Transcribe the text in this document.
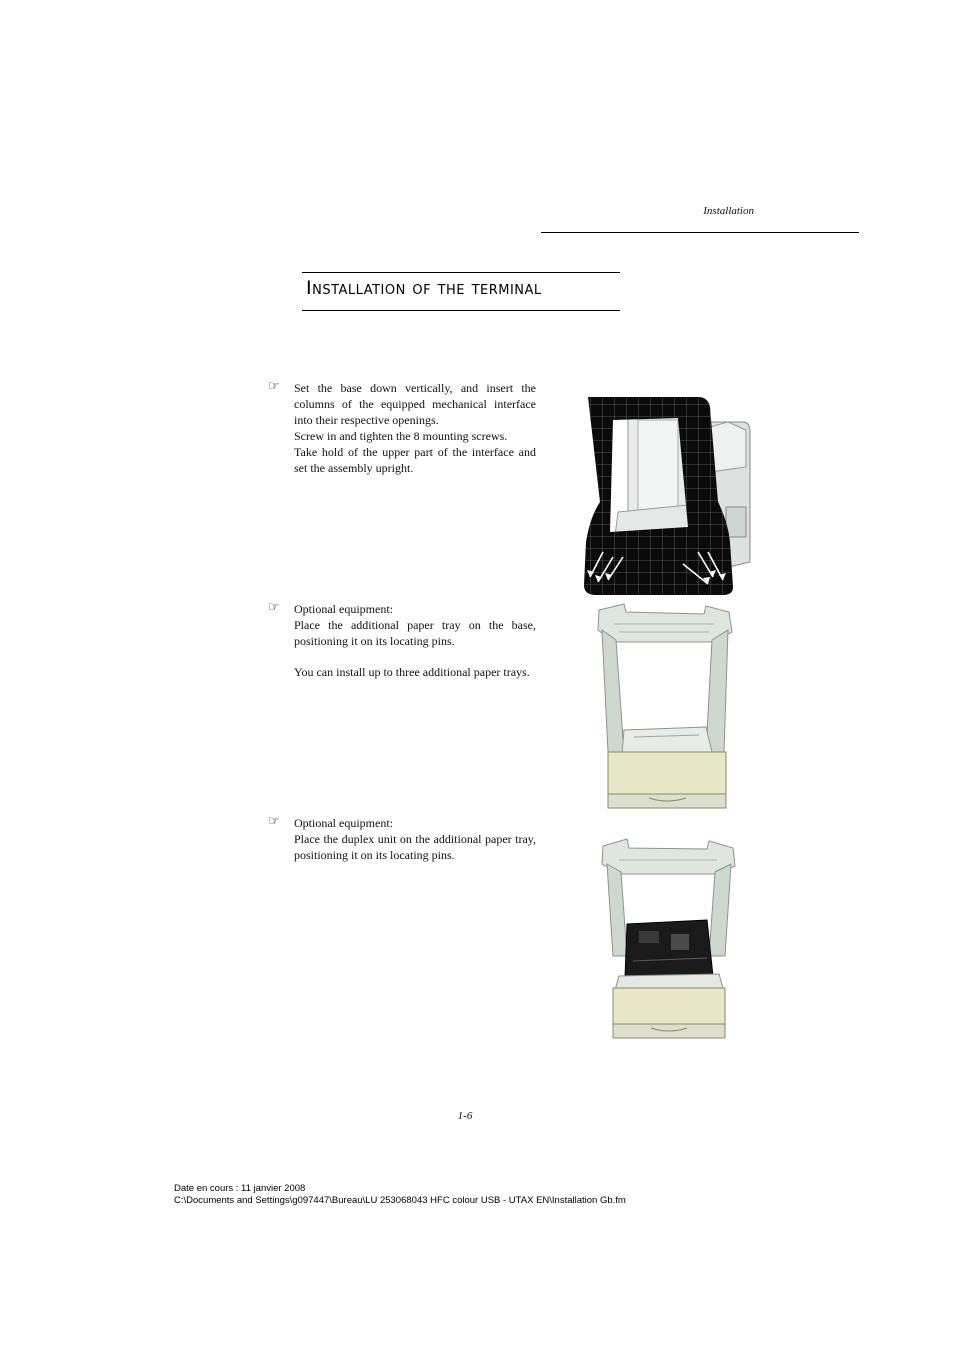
Installation
Installation of the terminal
☞	Set the base down vertically, and insert the columns of the equipped mechanical interface into their respective openings.

Screw in and tighten the 8 mounting screws.

Take hold of the upper part of the interface and set the assembly upright.

☞	Optional equipment:

Place the additional paper tray on the base, positioning it on its locating pins.

You can install up to three additional paper trays.

☞	Optional equipment:

Place the duplex unit on the additional paper tray, positioning it on its locating pins.

1-6
Date en cours : 11 janvier 2008
C:\Documents and Settings\g097447\Bureau\LU 253068043 HFC colour USB - UTAX EN\Installation Gb.fm
